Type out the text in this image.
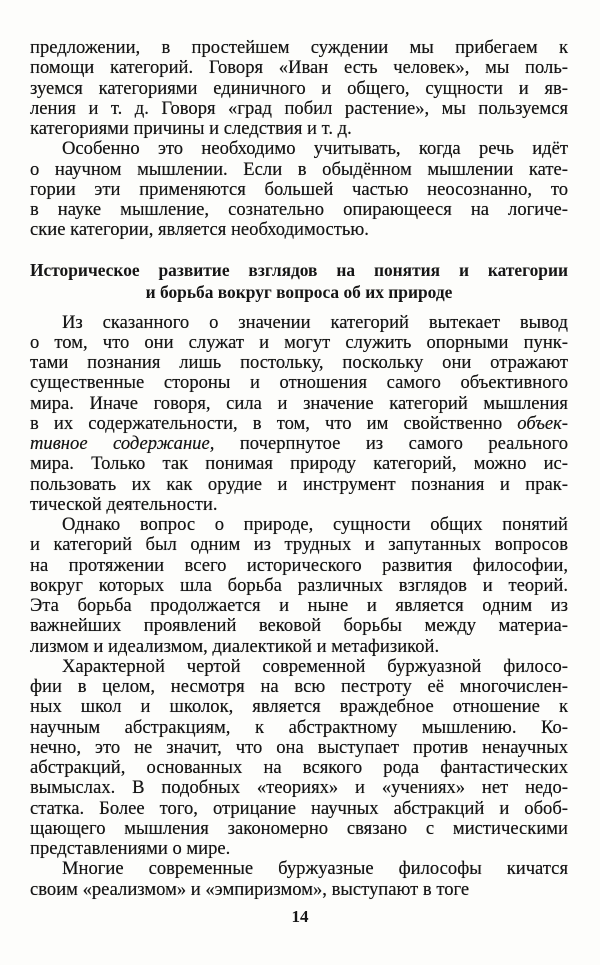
предложении, в простейшем суждении мы прибегаем к
помощи категорий. Говоря «Иван есть человек», мы поль-
зуемся категориями единичного и общего, сущности и яв-
ления и т. д. Говоря «град побил растение», мы пользуемся
категориями причины и следствия и т. д.
Особенно это необходимо учитывать, когда речь идёт
о научном мышлении. Если в обыдённом мышлении кате-
гории эти применяются большей частью неосознанно, то
в науке мышление, сознательно опирающееся на логиче-
ские категории, является необходимостью.
Историческое развитие взглядов на понятия и категории
и борьба вокруг вопроса об их природе
Из сказанного о значении категорий вытекает вывод
о том, что они служат и могут служить опорными пунк-
тами познания лишь постольку, поскольку они отражают
существенные стороны и отношения самого объективного
мира. Иначе говоря, сила и значение категорий мышления
в их содержательности, в том, что им свойственно объек-
тивное содержание, почерпнутое из самого реального
мира. Только так понимая природу категорий, можно ис-
пользовать их как орудие и инструмент познания и прак-
тической деятельности.
Однако вопрос о природе, сущности общих понятий
и категорий был одним из трудных и запутанных вопросов
на протяжении всего исторического развития философии,
вокруг которых шла борьба различных взглядов и теорий.
Эта борьба продолжается и ныне и является одним из
важнейших проявлений вековой борьбы между материа-
лизмом и идеализмом, диалектикой и метафизикой.
Характерной чертой современной буржуазной филосо-
фии в целом, несмотря на всю пестроту её многочислен-
ных школ и школок, является враждебное отношение к
научным абстракциям, к абстрактному мышлению. Ко-
нечно, это не значит, что она выступает против ненаучных
абстракций, основанных на всякого рода фантастических
вымыслах. В подобных «теориях» и «учениях» нет недо-
статка. Более того, отрицание научных абстракций и обоб-
щающего мышления закономерно связано с мистическими
представлениями о мире.
Многие современные буржуазные философы кичатся
своим «реализмом» и «эмпиризмом», выступают в тоге
14
